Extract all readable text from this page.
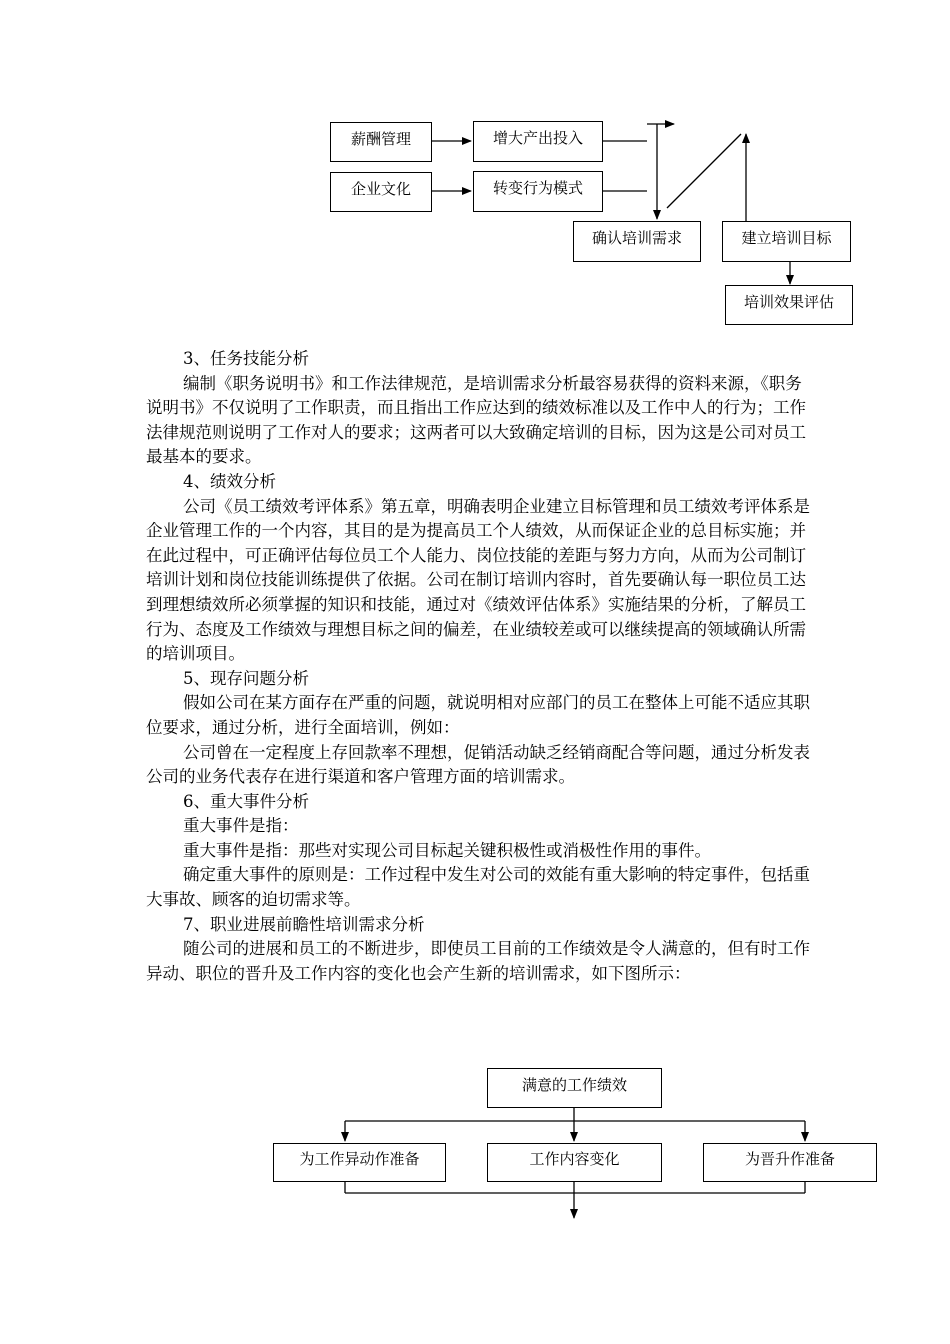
薪酬管理
企业文化
增大产出投入
转变行为模式
确认培训需求	建立培训目标
培训效果评估

3、任务技能分析

编制《职务说明书》和工作法律规范，是培训需求分析最容易获得的资料来源，《职务说明书》不仅说明了工作职责，而且指出工作应达到的绩效标准以及工作中人的行为；工作法律规范则说明了工作对人的要求；这两者可以大致确定培训的目标，因为这是公司对员工最基本的要求。

4、绩效分析

公司《员工绩效考评体系》第五章，明确表明企业建立目标管理和员工绩效考评体系是企业管理工作的一个内容，其目的是为提高员工个人绩效，从而保证企业的总目标实施；并在此过程中，可正确评估每位员工个人能力、岗位技能的差距与努力方向，从而为公司制订培训计划和岗位技能训练提供了依据。公司在制订培训内容时，首先要确认每一职位员工达到理想绩效所必须掌握的知识和技能，通过对《绩效评估体系》实施结果的分析，了解员工行为、态度及工作绩效与理想目标之间的偏差，在业绩较差或可以继续提高的领域确认所需的培训项目。

5、现存问题分析

假如公司在某方面存在严重的问题，就说明相对应部门的员工在整体上可能不适应其职位要求，通过分析，进行全面培训，例如：

公司曾在一定程度上存回款率不理想，促销活动缺乏经销商配合等问题，通过分析发表公司的业务代表存在进行渠道和客户管理方面的培训需求。

6、重大事件分析

重大事件是指：

重大事件是指：那些对实现公司目标起关键积极性或消极性作用的事件。

确定重大事件的原则是：工作过程中发生对公司的效能有重大影响的特定事件，包括重大事故、顾客的迫切需求等。

7、职业进展前瞻性培训需求分析

随公司的进展和员工的不断进步，即使员工目前的工作绩效是令人满意的，但有时工作异动、职位的晋升及工作内容的变化也会产生新的培训需求，如下图所示：

满意的工作绩效
为工作异动作准备	工作内容变化	为晋升作准备
